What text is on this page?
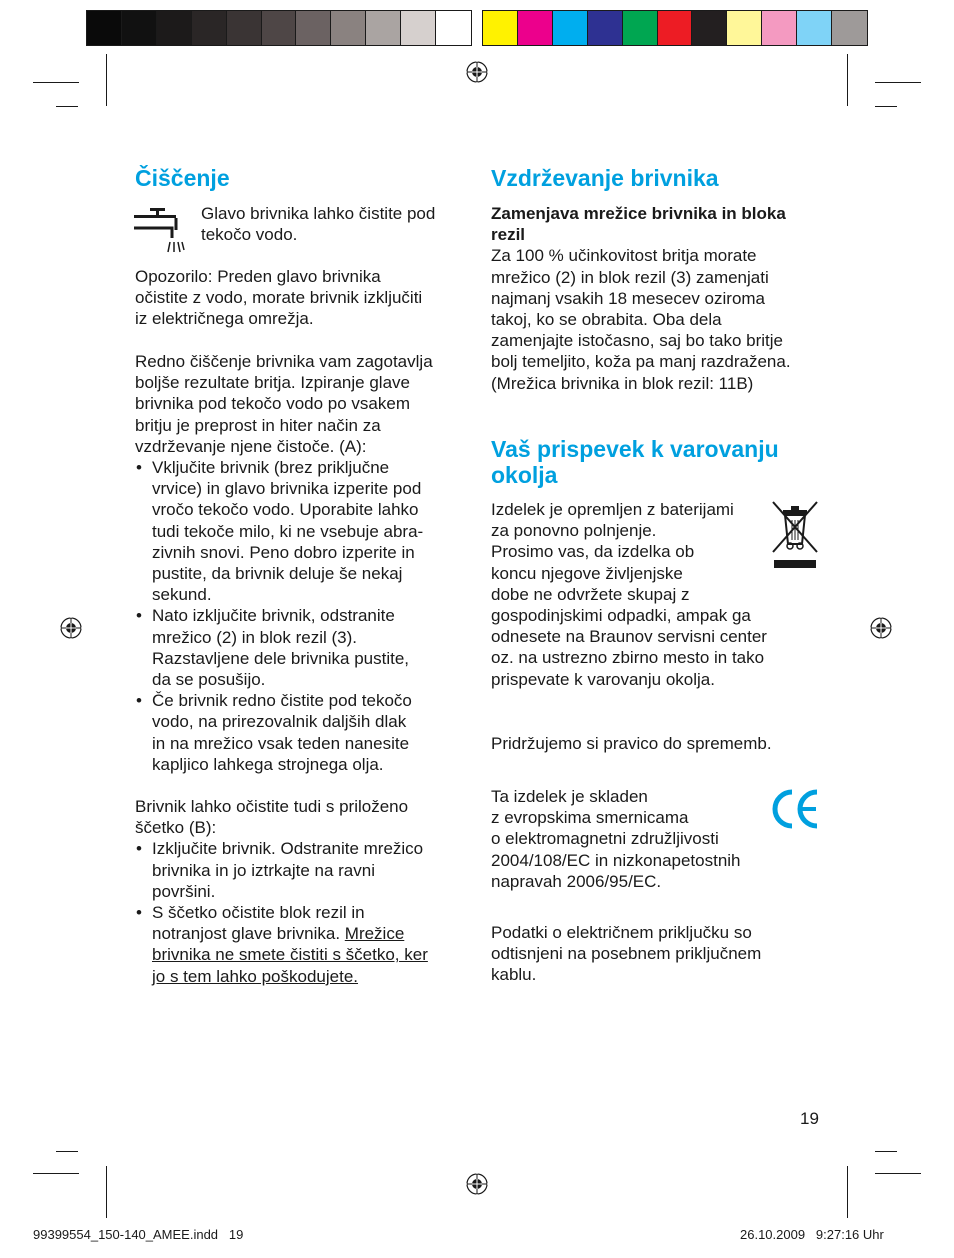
Čiščenje
Glavo brivnika lahko čistite pod
tekočo vodo.
Opozorilo: Preden glavo brivnika
očistite z vodo, morate brivnik izključiti
iz električnega omrežja.
Redno čiščenje brivnika vam zagotavlja
boljše rezultate britja. Izpiranje glave
brivnika pod tekočo vodo po vsakem
britju je preprost in hiter način za
vzdrževanje njene čistoče. (A):
• Vključite brivnik (brez priključne
vrvice) in glavo brivnika izperite pod
vročo tekočo vodo. Uporabite lahko
tudi tekoče milo, ki ne vsebuje abra-
zivnih snovi. Peno dobro izperite in
pustite, da brivnik deluje še nekaj
sekund.
• Nato izključite brivnik, odstranite
mrežico (2) in blok rezil (3).
Razstavljene dele brivnika pustite,
da se posušijo.
• Če brivnik redno čistite pod tekočo
vodo, na prirezovalnik daljših dlak
in na mrežico vsak teden nanesite
kapljico lahkega strojnega olja.
Brivnik lahko očistite tudi s priloženo
ščetko (B):
• Izključite brivnik. Odstranite mrežico
brivnika in jo iztrkajte na ravni
površini.
• S ščetko očistite blok rezil in
notranjost glave brivnika. Mrežice
brivnika ne smete čistiti s ščetko, ker
jo s tem lahko poškodujete.
Vzdrževanje brivnika
Zamenjava mrežice brivnika in bloka
rezil
Za 100 % učinkovitost britja morate
mrežico (2) in blok rezil (3) zamenjati
najmanj vsakih 18 mesecev oziroma
takoj, ko se obrabita. Oba dela
zamenjajte istočasno, saj bo tako britje
bolj temeljito, koža pa manj razdražena.
(Mrežica brivnika in blok rezil: 11B)
Vaš prispevek k varovanju
okolja
Izdelek je opremljen z baterijami
za ponovno polnjenje.
Prosimo vas, da izdelka ob
koncu njegove življenjske
dobe ne odvržete skupaj z
gospodinjskimi odpadki, ampak ga
odnesete na Braunov servisni center
oz. na ustrezno zbirno mesto in tako
prispevate k varovanju okolja.
Pridržujemo si pravico do sprememb.
Ta izdelek je skladen
z evropskima smernicama
o elektromagnetni združljivosti
2004/108/EC in nizkonapetostnih
napravah 2006/95/EC.
Podatki o električnem priključku so
odtisnjeni na posebnem priključnem
kablu.
19
99399554_150-140_AMEE.indd   19	26.10.2009   9:27:16 Uhr
